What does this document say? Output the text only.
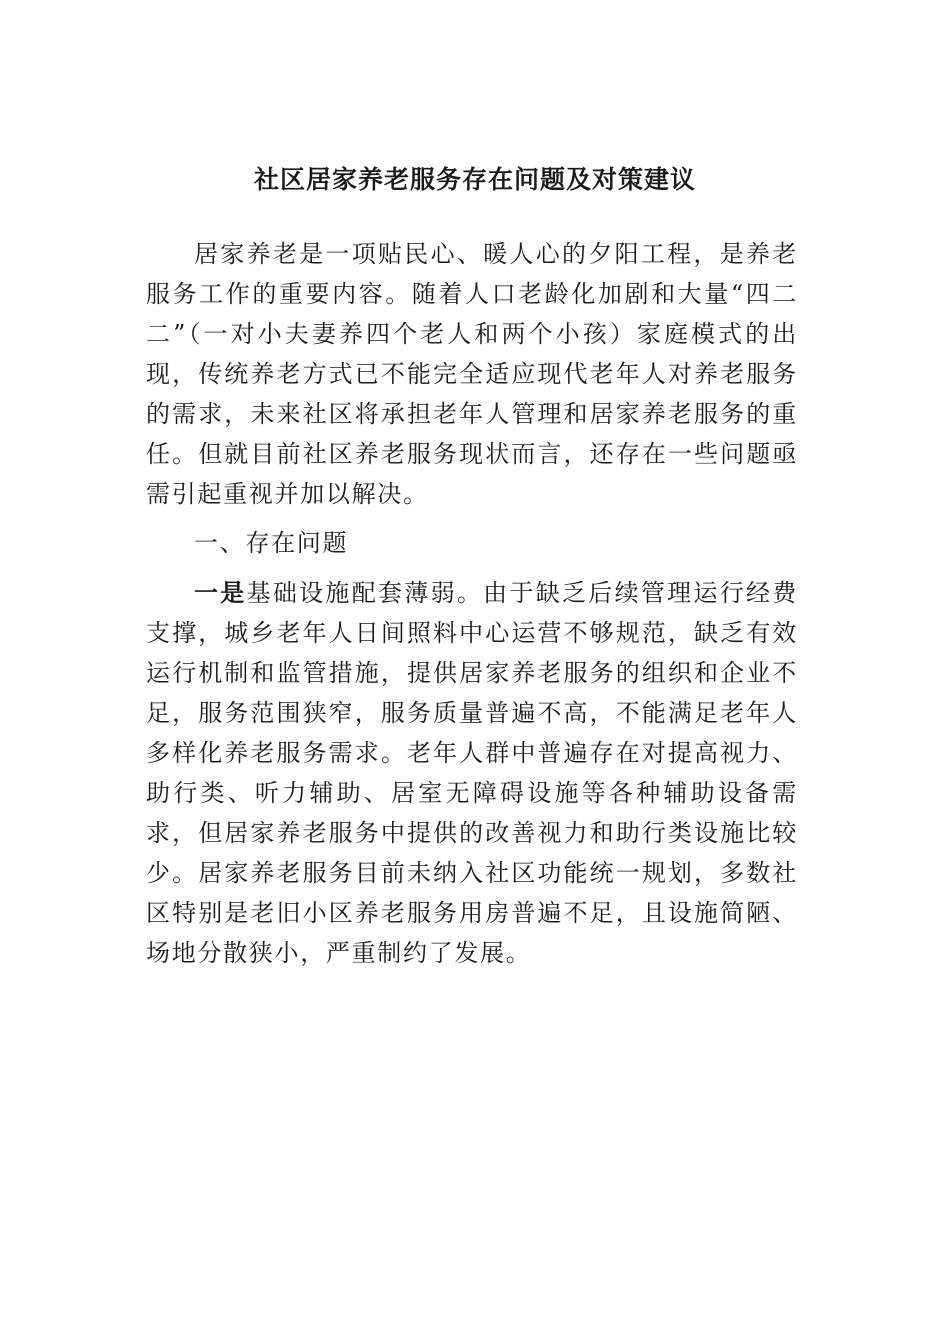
社区居家养老服务存在问题及对策建议

居家养老是一项贴民心、暖人心的夕阳工程，是养老服务工作的重要内容。随着人口老龄化加剧和大量“四二二”（一对小夫妻养四个老人和两个小孩）家庭模式的出现，传统养老方式已不能完全适应现代老年人对养老服务的需求，未来社区将承担老年人管理和居家养老服务的重任。但就目前社区养老服务现状而言，还存在一些问题亟需引起重视并加以解决。

一、存在问题

一是基础设施配套薄弱。由于缺乏后续管理运行经费支撑，城乡老年人日间照料中心运营不够规范，缺乏有效运行机制和监管措施，提供居家养老服务的组织和企业不足，服务范围狭窄，服务质量普遍不高，不能满足老年人多样化养老服务需求。老年人群中普遍存在对提高视力、助行类、听力辅助、居室无障碍设施等各种辅助设备需求，但居家养老服务中提供的改善视力和助行类设施比较少。居家养老服务目前未纳入社区功能统一规划，多数社区特别是老旧小区养老服务用房普遍不足，且设施简陋、场地分散狭小，严重制约了发展。
